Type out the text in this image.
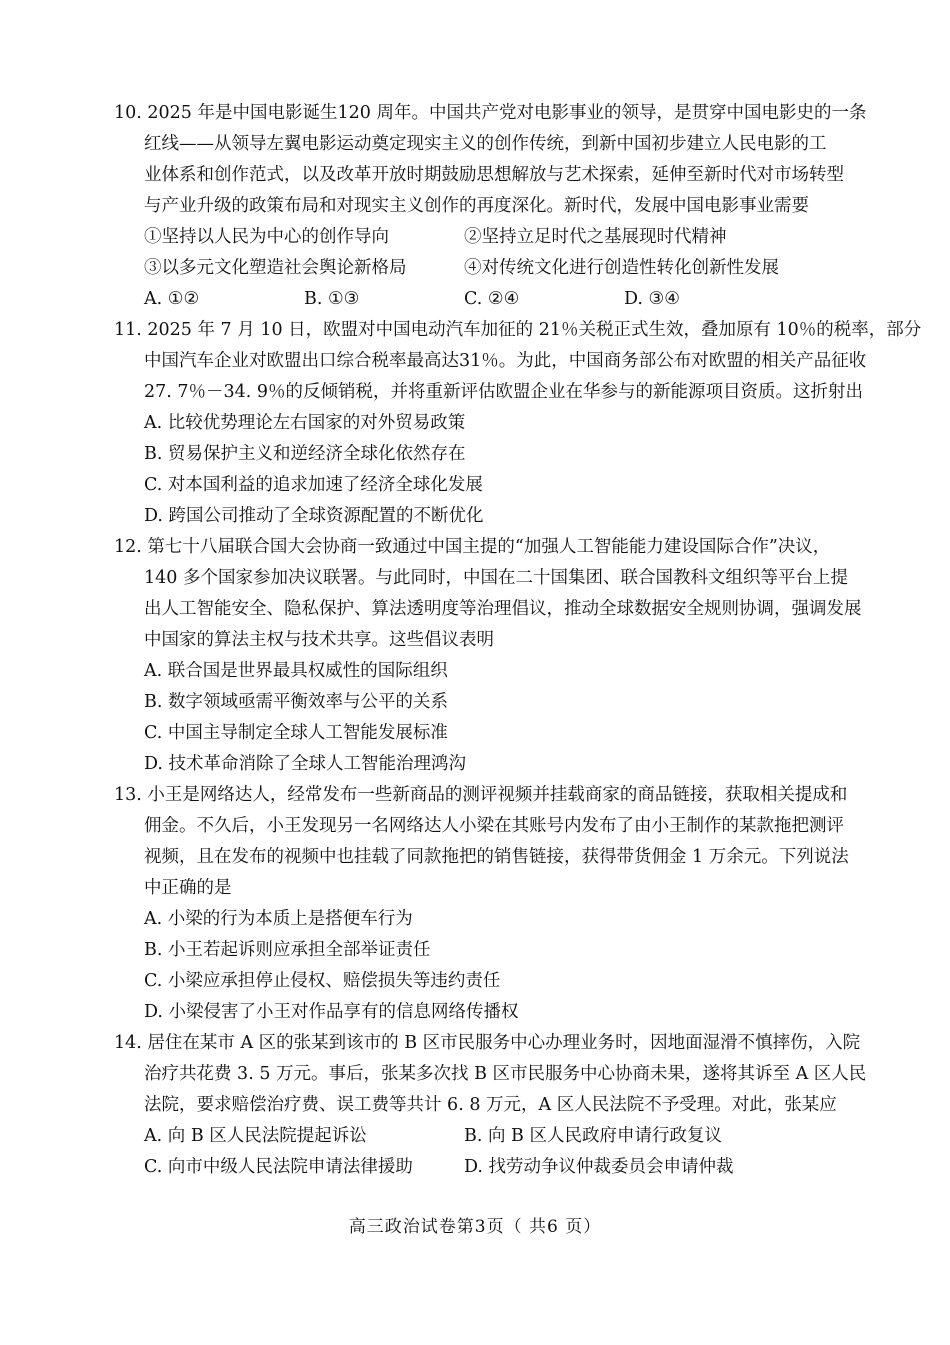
10. 2025 年是中国电影诞生120 周年。中国共产党对电影事业的领导，是贯穿中国电影史的一条
红线——从领导左翼电影运动奠定现实主义的创作传统，到新中国初步建立人民电影的工
业体系和创作范式，以及改革开放时期鼓励思想解放与艺术探索，延伸至新时代对市场转型
与产业升级的政策布局和对现实主义创作的再度深化。新时代，发展中国电影事业需要
①坚持以人民为中心的创作导向	②坚持立足时代之基展现时代精神
③以多元文化塑造社会舆论新格局	④对传统文化进行创造性转化创新性发展
A. ①②	B. ①③	C. ②④	D. ③④
11. 2025 年 7 月 10 日，欧盟对中国电动汽车加征的 21％关税正式生效，叠加原有 10％的税率，部分
中国汽车企业对欧盟出口综合税率最高达31％。为此，中国商务部公布对欧盟的相关产品征收
27. 7％－34. 9％的反倾销税，并将重新评估欧盟企业在华参与的新能源项目资质。这折射出
A. 比较优势理论左右国家的对外贸易政策
B. 贸易保护主义和逆经济全球化依然存在
C. 对本国利益的追求加速了经济全球化发展
D. 跨国公司推动了全球资源配置的不断优化
12. 第七十八届联合国大会协商一致通过中国主提的“加强人工智能能力建设国际合作”决议，
140 多个国家参加决议联署。与此同时，中国在二十国集团、联合国教科文组织等平台上提
出人工智能安全、隐私保护、算法透明度等治理倡议，推动全球数据安全规则协调，强调发展
中国家的算法主权与技术共享。这些倡议表明
A. 联合国是世界最具权威性的国际组织
B. 数字领域亟需平衡效率与公平的关系
C. 中国主导制定全球人工智能发展标准
D. 技术革命消除了全球人工智能治理鸿沟
13. 小王是网络达人，经常发布一些新商品的测评视频并挂载商家的商品链接，获取相关提成和
佣金。不久后，小王发现另一名网络达人小梁在其账号内发布了由小王制作的某款拖把测评
视频，且在发布的视频中也挂载了同款拖把的销售链接，获得带货佣金 1 万余元。下列说法
中正确的是
A. 小梁的行为本质上是搭便车行为
B. 小王若起诉则应承担全部举证责任
C. 小梁应承担停止侵权、赔偿损失等违约责任
D. 小梁侵害了小王对作品享有的信息网络传播权
14. 居住在某市 A 区的张某到该市的 B 区市民服务中心办理业务时，因地面湿滑不慎摔伤，入院
治疗共花费 3. 5 万元。事后，张某多次找 B 区市民服务中心协商未果，遂将其诉至 A 区人民
法院，要求赔偿治疗费、误工费等共计 6. 8 万元，A 区人民法院不予受理。对此，张某应
A. 向 B 区人民法院提起诉讼	B. 向 B 区人民政府申请行政复议
C. 向市中级人民法院申请法律援助	D. 找劳动争议仲裁委员会申请仲裁
高三政治试卷第3页（ 共6 页）
